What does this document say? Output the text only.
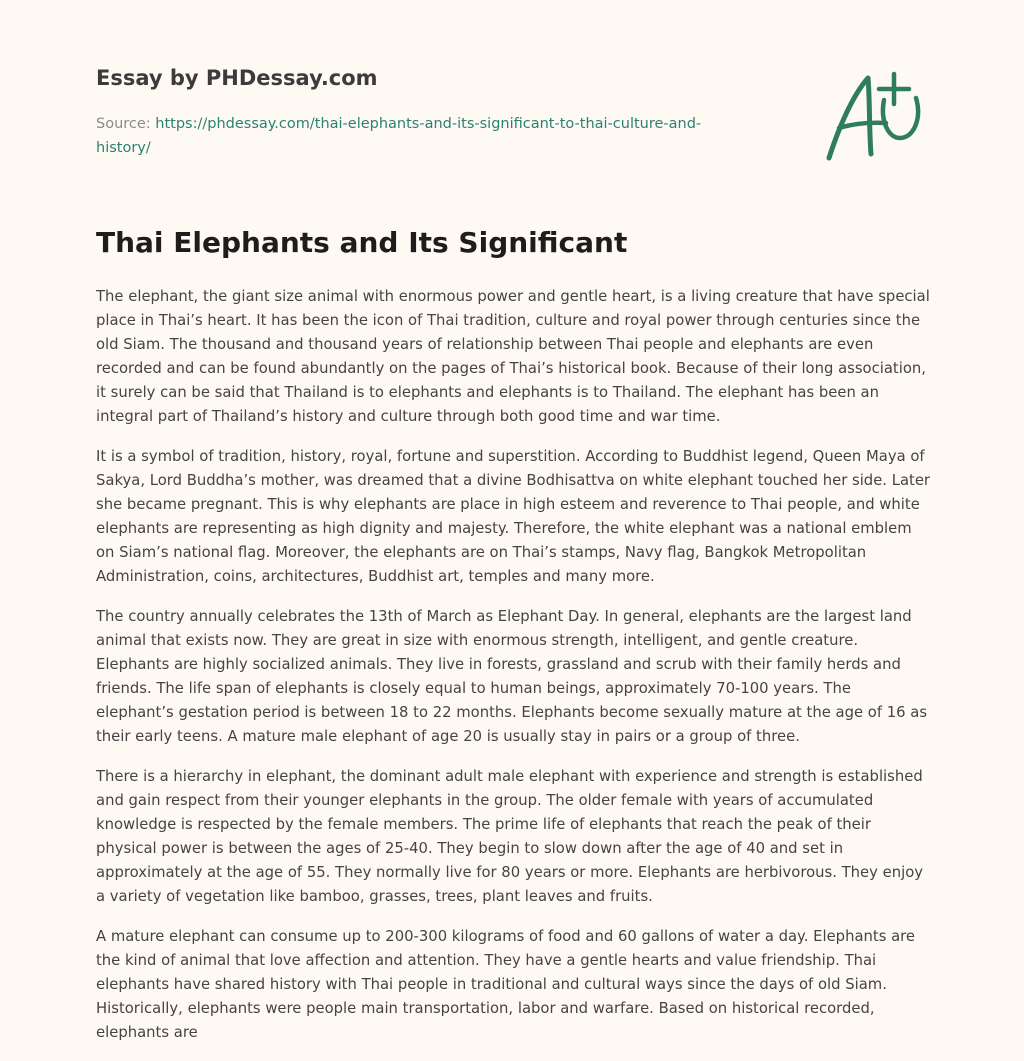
Essay by PHDessay.com
Source: https://phdessay.com/thai-elephants-and-its-significant-to-thai-culture-and-history/
Thai Elephants and Its Significant

The elephant, the giant size animal with enormous power and gentle heart, is a living creature that have special place in Thai’s heart. It has been the icon of Thai tradition, culture and royal power through centuries since the old Siam. The thousand and thousand years of relationship between Thai people and elephants are even recorded and can be found abundantly on the pages of Thai’s historical book. Because of their long association, it surely can be said that Thailand is to elephants and elephants is to Thailand. The elephant has been an integral part of Thailand’s history and culture through both good time and war time.

It is a symbol of tradition, history, royal, fortune and superstition. According to Buddhist legend, Queen Maya of Sakya, Lord Buddha’s mother, was dreamed that a divine Bodhisattva on white elephant touched her side. Later she became pregnant. This is why elephants are place in high esteem and reverence to Thai people, and white elephants are representing as high dignity and majesty. Therefore, the white elephant was a national emblem on Siam’s national flag. Moreover, the elephants are on Thai’s stamps, Navy flag, Bangkok Metropolitan Administration, coins, architectures, Buddhist art, temples and many more.

The country annually celebrates the 13th of March as Elephant Day. In general, elephants are the largest land animal that exists now. They are great in size with enormous strength, intelligent, and gentle creature. Elephants are highly socialized animals. They live in forests, grassland and scrub with their family herds and friends. The life span of elephants is closely equal to human beings, approximately 70-100 years. The elephant’s gestation period is between 18 to 22 months. Elephants become sexually mature at the age of 16 as their early teens. A mature male elephant of age 20 is usually stay in pairs or a group of three.

There is a hierarchy in elephant, the dominant adult male elephant with experience and strength is established and gain respect from their younger elephants in the group. The older female with years of accumulated knowledge is respected by the female members. The prime life of elephants that reach the peak of their physical power is between the ages of 25-40. They begin to slow down after the age of 40 and set in approximately at the age of 55. They normally live for 80 years or more. Elephants are herbivorous. They enjoy a variety of vegetation like bamboo, grasses, trees, plant leaves and fruits.

A mature elephant can consume up to 200-300 kilograms of food and 60 gallons of water a day. Elephants are the kind of animal that love affection and attention. They have a gentle hearts and value friendship. Thai elephants have shared history with Thai people in traditional and cultural ways since the days of old Siam. Historically, elephants were people main transportation, labor and warfare. Based on historical recorded, elephants are
